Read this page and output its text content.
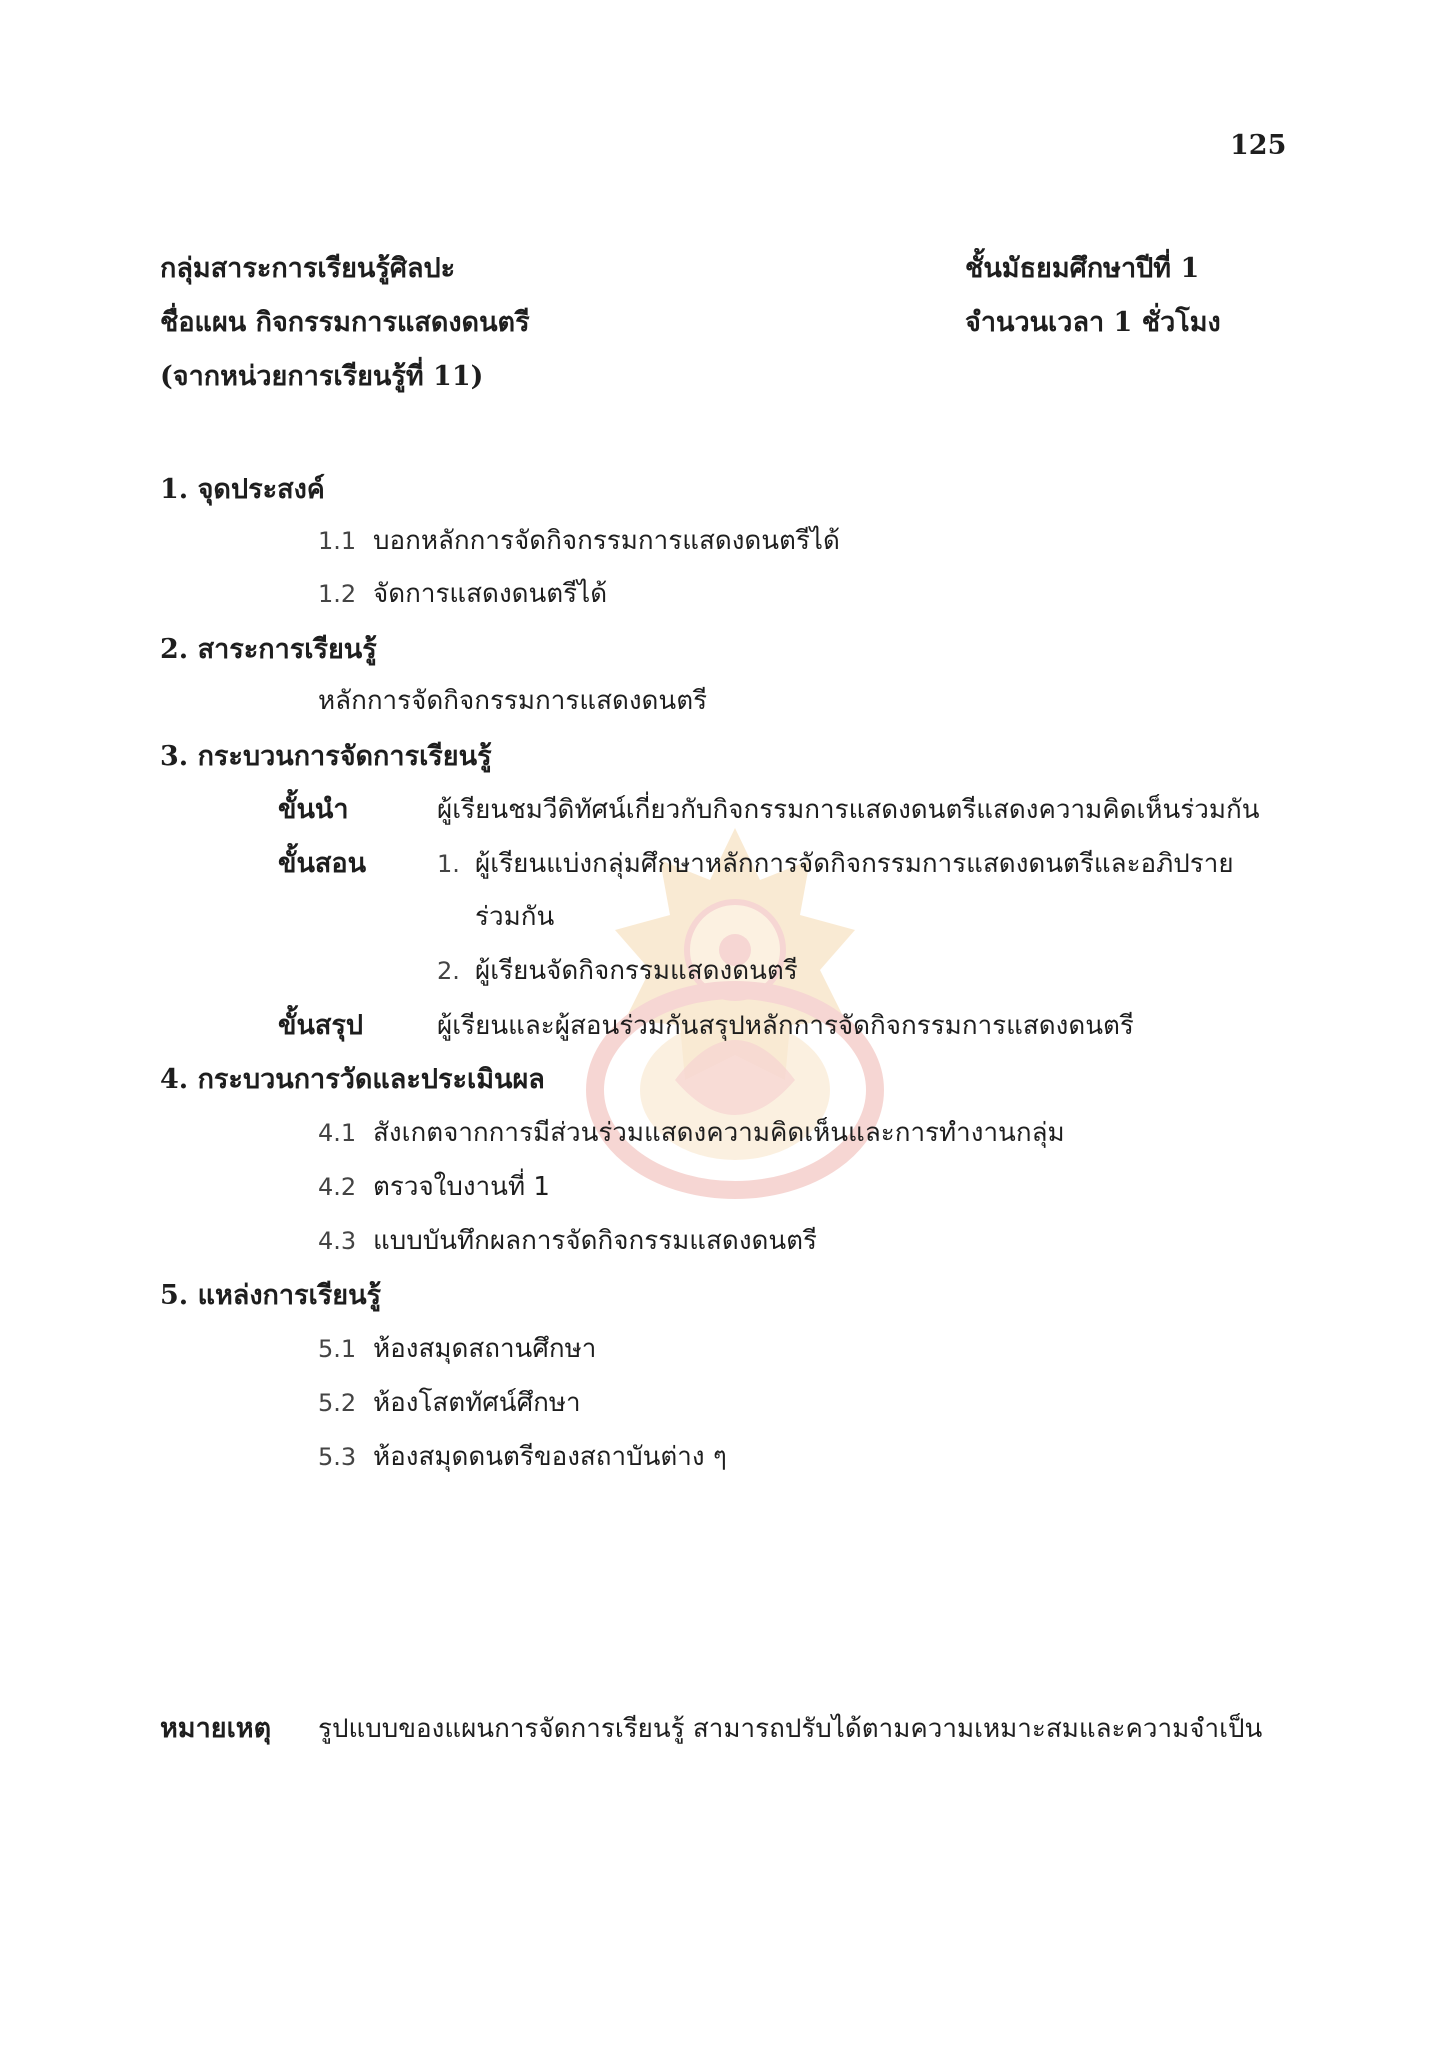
125
กลุ่มสาระการเรียนรู้ศิลปะ	ชั้นมัธยมศึกษาปีที่ 1
ชื่อแผน กิจกรรมการแสดงดนตรี	จำนวนเวลา 1 ชั่วโมง
(จากหน่วยการเรียนรู้ที่ 11)
1. จุดประสงค์
1.1 บอกหลักการจัดกิจกรรมการแสดงดนตรีได้
1.2 จัดการแสดงดนตรีได้
2. สาระการเรียนรู้
หลักการจัดกิจกรรมการแสดงดนตรี
3. กระบวนการจัดการเรียนรู้
ขั้นนำ	ผู้เรียนชมวีดิทัศน์เกี่ยวกับกิจกรรมการแสดงดนตรีแสดงความคิดเห็นร่วมกัน
ขั้นสอน	1. ผู้เรียนแบ่งกลุ่มศึกษาหลักการจัดกิจกรรมการแสดงดนตรีและอภิปราย
ร่วมกัน
2. ผู้เรียนจัดกิจกรรมแสดงดนตรี
ขั้นสรุป	ผู้เรียนและผู้สอนร่วมกันสรุปหลักการจัดกิจกรรมการแสดงดนตรี
4. กระบวนการวัดและประเมินผล
4.1 สังเกตจากการมีส่วนร่วมแสดงความคิดเห็นและการทำงานกลุ่ม
4.2 ตรวจใบงานที่ 1
4.3 แบบบันทึกผลการจัดกิจกรรมแสดงดนตรี
5. แหล่งการเรียนรู้
5.1 ห้องสมุดสถานศึกษา
5.2 ห้องโสตทัศน์ศึกษา
5.3 ห้องสมุดดนตรีของสถาบันต่าง ๆ
หมายเหตุ รูปแบบของแผนการจัดการเรียนรู้ สามารถปรับได้ตามความเหมาะสมและความจำเป็น
